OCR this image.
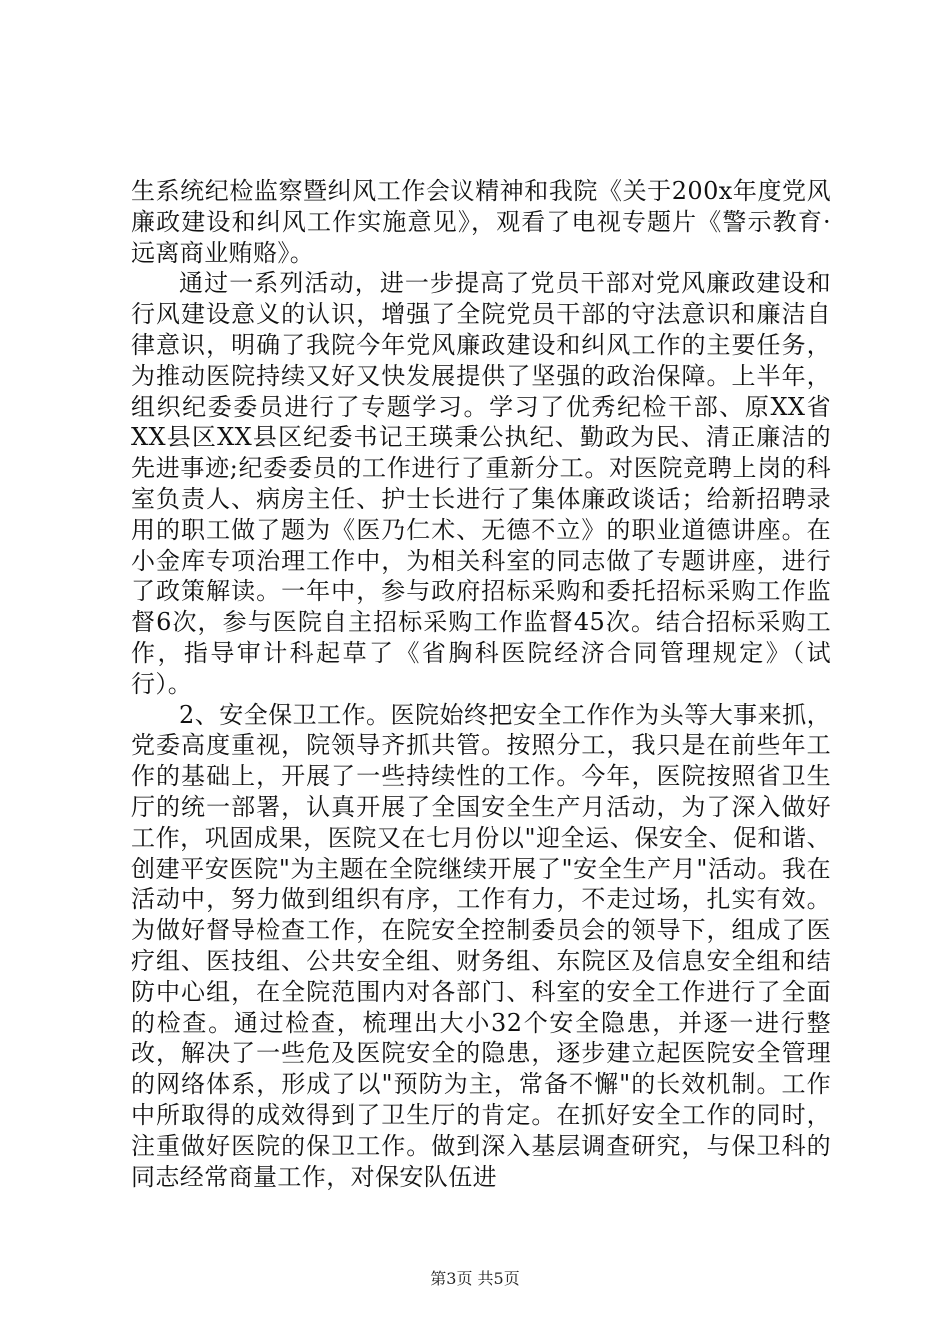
生系统纪检监察暨纠风工作会议精神和我院《关于200x年度党风廉政建设和纠风工作实施意见》，观看了电视专题片《警示教育·远离商业贿赂》。

通过一系列活动，进一步提高了党员干部对党风廉政建设和行风建设意义的认识，增强了全院党员干部的守法意识和廉洁自律意识，明确了我院今年党风廉政建设和纠风工作的主要任务，为推动医院持续又好又快发展提供了坚强的政治保障。上半年，组织纪委委员进行了专题学习。学习了优秀纪检干部、原XX省XX县区XX县区纪委书记王瑛秉公执纪、勤政为民、清正廉洁的先进事迹;纪委委员的工作进行了重新分工。对医院竞聘上岗的科室负责人、病房主任、护士长进行了集体廉政谈话；给新招聘录用的职工做了题为《医乃仁术、无德不立》的职业道德讲座。在小金库专项治理工作中，为相关科室的同志做了专题讲座，进行了政策解读。一年中，参与政府招标采购和委托招标采购工作监督6次，参与医院自主招标采购工作监督45次。结合招标采购工作，指导审计科起草了《省胸科医院经济合同管理规定》（试行）。

2、安全保卫工作。医院始终把安全工作作为头等大事来抓，党委高度重视，院领导齐抓共管。按照分工，我只是在前些年工作的基础上，开展了一些持续性的工作。今年，医院按照省卫生厅的统一部署，认真开展了全国安全生产月活动，为了深入做好工作，巩固成果，医院又在七月份以"迎全运、保安全、促和谐、创建平安医院"为主题在全院继续开展了"安全生产月"活动。我在活动中，努力做到组织有序，工作有力，不走过场，扎实有效。为做好督导检查工作，在院安全控制委员会的领导下，组成了医疗组、医技组、公共安全组、财务组、东院区及信息安全组和结防中心组，在全院范围内对各部门、科室的安全工作进行了全面的检查。通过检查，梳理出大小32个安全隐患，并逐一进行整改，解决了一些危及医院安全的隐患，逐步建立起医院安全管理的网络体系，形成了以"预防为主，常备不懈"的长效机制。工作中所取得的成效得到了卫生厅的肯定。在抓好安全工作的同时，注重做好医院的保卫工作。做到深入基层调查研究，与保卫科的同志经常商量工作，对保安队伍进

第3页 共5页
